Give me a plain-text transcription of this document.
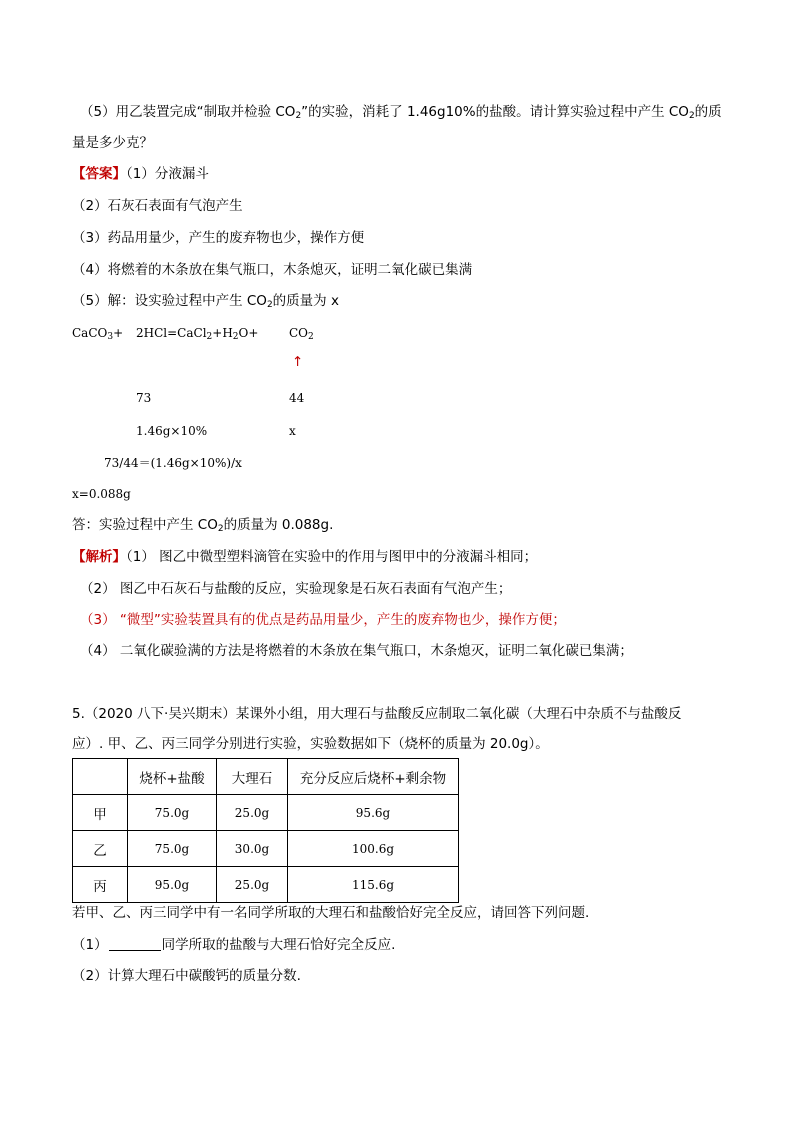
（5）用乙装置完成“制取并检验 $CO_2$”的实验，消耗了 1.46g10%的盐酸。请计算实验过程中产生 $CO_2$的质
量是多少克？
【答案】（1）分液漏斗
（2）石灰石表面有气泡产生
（3）药品用量少，产生的废弃物也少，操作方便
（4）将燃着的木条放在集气瓶口，木条熄灭，证明二氧化碳已集满
（5）解：设实验过程中产生 $CO_2$的质量为 x
CaCO$_3$+ $2HCl=CaCl_2+H_2O+$	$CO_2$
↑
73	44
1.46g×10%	x
73/44＝(1.46g×10%)/x
x=0.088g
答：实验过程中产生 $CO_2$的质量为 0.088g.
【解析】（1） 图乙中微型塑料滴管在实验中的作用与图甲中的分液漏斗相同；
（2） 图乙中石灰石与盐酸的反应，实验现象是石灰石表面有气泡产生；
（3） “微型”实验装置具有的优点是药品用量少，产生的废弃物也少，操作方便；
（4） 二氧化碳验满的方法是将燃着的木条放在集气瓶口，木条熄灭，证明二氧化碳已集满；
5.（2020 八下·吴兴期末）某课外小组，用大理石与盐酸反应制取二氧化碳（大理石中杂质不与盐酸反
应）. 甲、乙、丙三同学分别进行实验，实验数据如下（烧杯的质量为 20.0g）。
	烧杯+盐酸	大理石	充分反应后烧杯+剩余物
甲	75.0g	25.0g	95.6g
乙	75.0g	30.0g	100.6g
丙	95.0g	25.0g	115.6g
若甲、乙、丙三同学中有一名同学所取的大理石和盐酸恰好完全反应，请回答下列问题.
（1）	同学所取的盐酸与大理石恰好完全反应.
（2）计算大理石中碳酸钙的质量分数.
